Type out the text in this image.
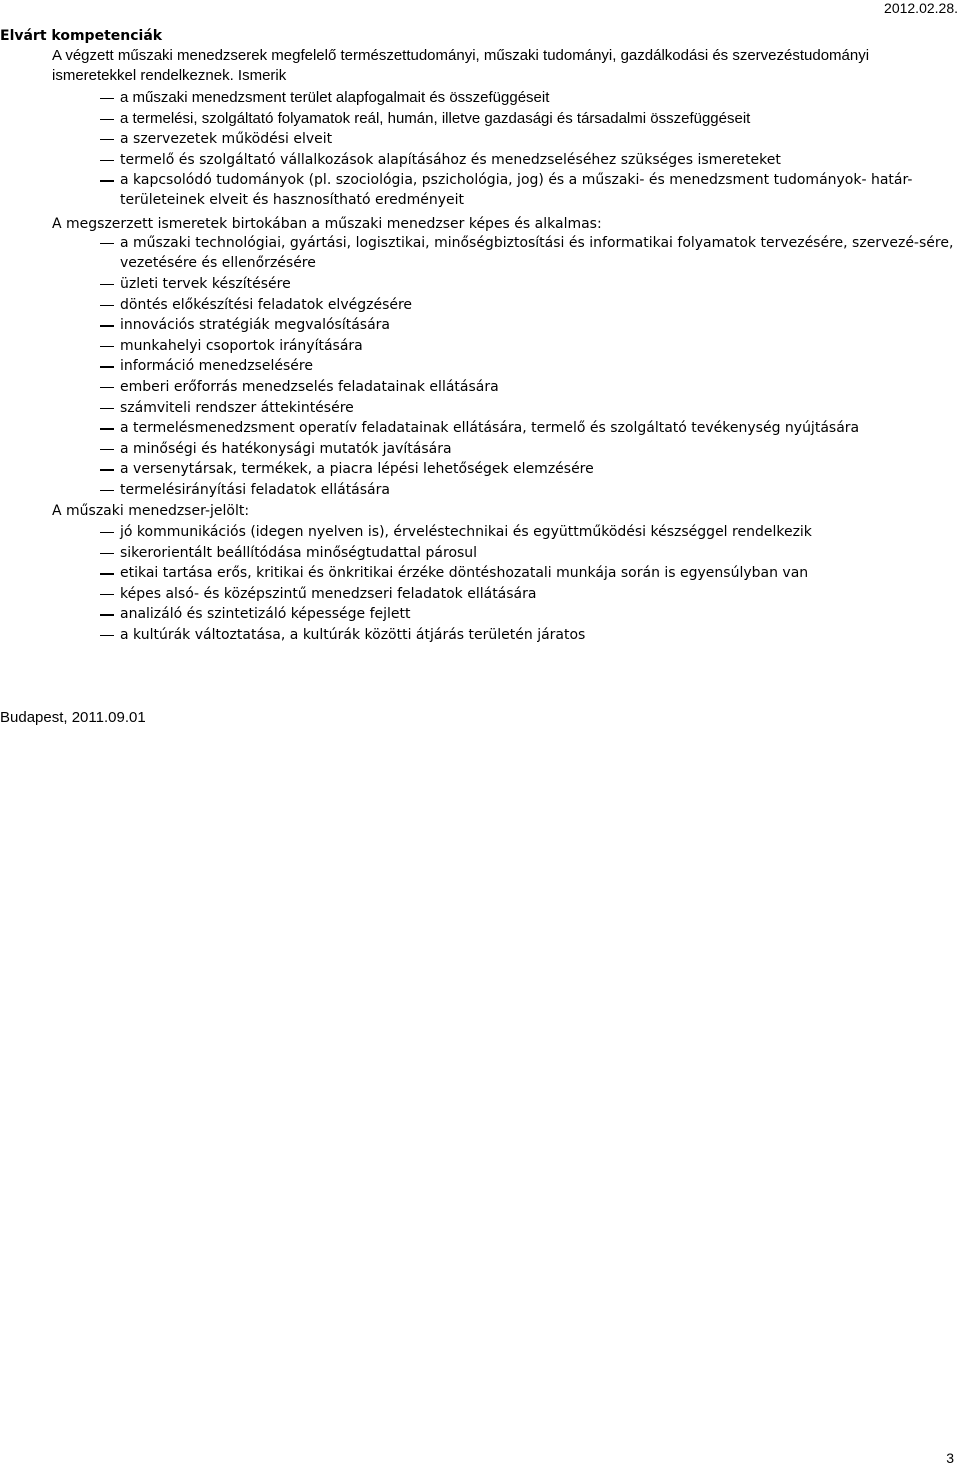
2012.02.28.
Elvárt kompetenciák
A végzett műszaki menedzserek megfelelő természettudományi, műszaki tudományi, gazdálkodási és szervezéstudományi
ismeretekkel rendelkeznek. Ismerik
a műszaki menedzsment terület alapfogalmait és összefüggéseit
a termelési, szolgáltató folyamatok reál, humán, illetve gazdasági és társadalmi összefüggéseit
a szervezetek működési elveit
termelő és szolgáltató vállalkozások alapításához és menedzseléséhez szükséges ismereteket
a kapcsolódó tudományok (pl. szociológia, pszichológia, jog) és a műszaki- és menedzsment tudományok- határ-területeinek elveit és hasznosítható eredményeit
A megszerzett ismeretek birtokában a műszaki menedzser képes és alkalmas:
a műszaki technológiai, gyártási, logisztikai, minőségbiztosítási és informatikai folyamatok tervezésére, szervezé-sére, vezetésére és ellenőrzésére
üzleti tervek készítésére
döntés előkészítési feladatok elvégzésére
innovációs stratégiák megvalósítására
munkahelyi csoportok irányítására
információ menedzselésére
emberi erőforrás menedzselés feladatainak ellátására
számviteli rendszer áttekintésére
a termelésmenedzsment operatív feladatainak ellátására, termelő és szolgáltató tevékenység nyújtására
a minőségi és hatékonysági mutatók javítására
a versenytársak, termékek, a piacra lépési lehetőségek elemzésére
termelésirányítási feladatok ellátására
A műszaki menedzser-jelölt:
jó kommunikációs (idegen nyelven is), érveléstechnikai és együttműködési készséggel rendelkezik
sikerorientált beállítódása minőségtudattal párosul
etikai tartása erős, kritikai és önkritikai érzéke döntéshozatali munkája során is egyensúlyban van
képes alsó- és középszintű menedzseri feladatok ellátására
analizáló és szintetizáló képessége fejlett
a kultúrák változtatása, a kultúrák közötti átjárás területén járatos
Budapest, 2011.09.01
3
